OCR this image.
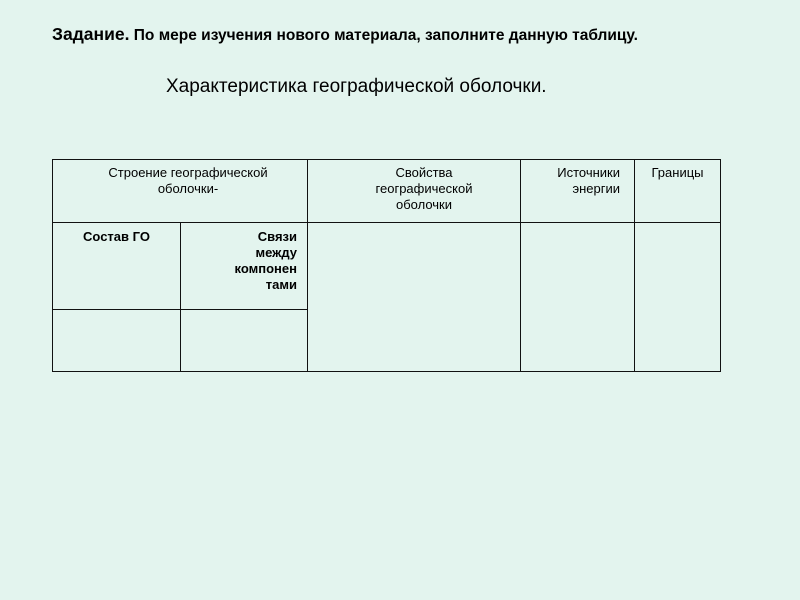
Задание. По мере изучения нового материала, заполните данную таблицу.
Характеристика географической оболочки.
Строение географической оболочки-		Свойства географической оболочки	Источники энергии	Границы

Состав ГО	Связи между компонен тами			
